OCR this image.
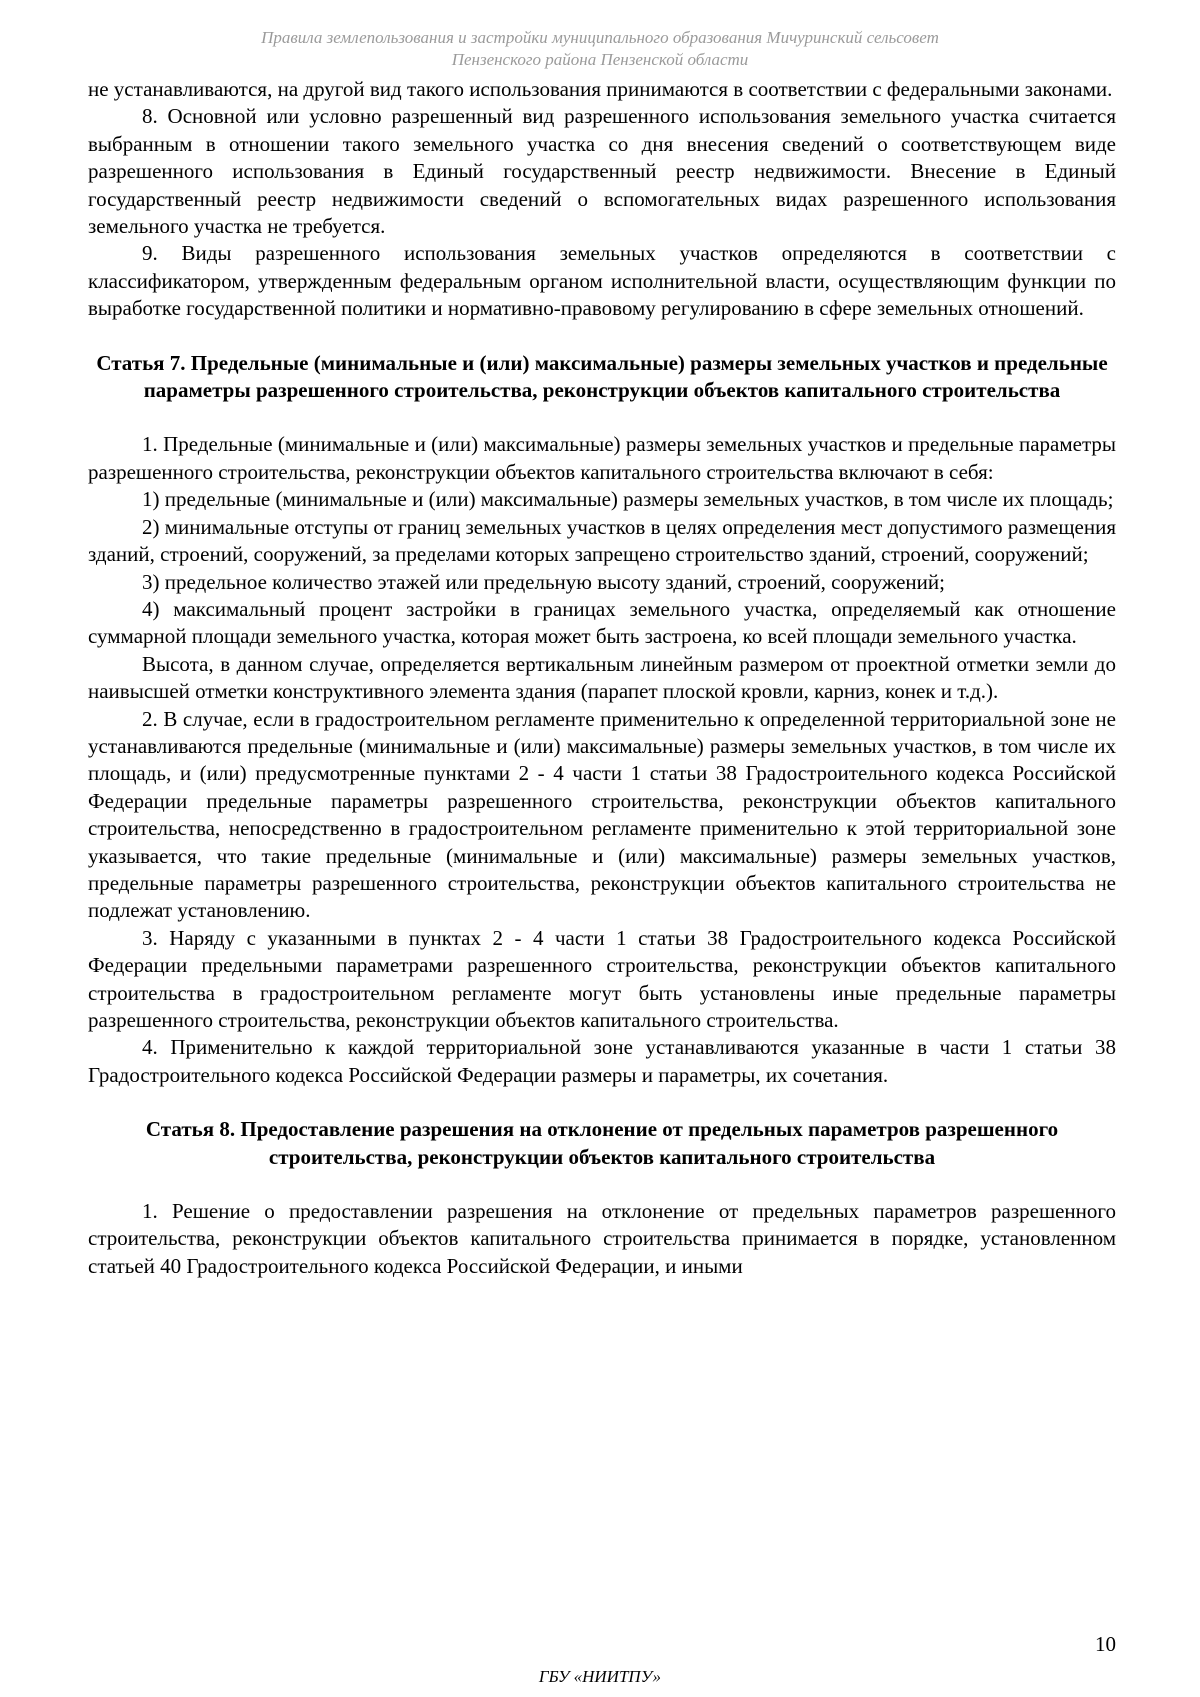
Правила землепользования и застройки муниципального образования Мичуринский сельсовет
Пензенского района Пензенской области

не устанавливаются, на другой вид такого использования принимаются в соответствии с федеральными законами.

8. Основной или условно разрешенный вид разрешенного использования земельного участка считается выбранным в отношении такого земельного участка со дня внесения сведений о соответствующем виде разрешенного использования в Единый государственный реестр недвижимости. Внесение в Единый государственный реестр недвижимости сведений о вспомогательных видах разрешенного использования земельного участка не требуется.

9. Виды разрешенного использования земельных участков определяются в соответствии с классификатором, утвержденным федеральным органом исполнительной власти, осуществляющим функции по выработке государственной политики и нормативно-правовому регулированию в сфере земельных отношений.

Статья 7. Предельные (минимальные и (или) максимальные) размеры земельных участков и предельные параметры разрешенного строительства, реконструкции объектов капитального строительства

1. Предельные (минимальные и (или) максимальные) размеры земельных участков и предельные параметры разрешенного строительства, реконструкции объектов капитального строительства включают в себя:

1) предельные (минимальные и (или) максимальные) размеры земельных участков, в том числе их площадь;

2) минимальные отступы от границ земельных участков в целях определения мест допустимого размещения зданий, строений, сооружений, за пределами которых запрещено строительство зданий, строений, сооружений;

3) предельное количество этажей или предельную высоту зданий, строений, сооружений;

4) максимальный процент застройки в границах земельного участка, определяемый как отношение суммарной площади земельного участка, которая может быть застроена, ко всей площади земельного участка.

Высота, в данном случае, определяется вертикальным линейным размером от проектной отметки земли до наивысшей отметки конструктивного элемента здания (парапет плоской кровли, карниз, конек и т.д.).

2. В случае, если в градостроительном регламенте применительно к определенной территориальной зоне не устанавливаются предельные (минимальные и (или) максимальные) размеры земельных участков, в том числе их площадь, и (или) предусмотренные пунктами 2 - 4 части 1 статьи 38 Градостроительного кодекса Российской Федерации предельные параметры разрешенного строительства, реконструкции объектов капитального строительства, непосредственно в градостроительном регламенте применительно к этой территориальной зоне указывается, что такие предельные (минимальные и (или) максимальные) размеры земельных участков, предельные параметры разрешенного строительства, реконструкции объектов капитального строительства не подлежат установлению.

3. Наряду с указанными в пунктах 2 - 4 части 1 статьи 38 Градостроительного кодекса Российской Федерации предельными параметрами разрешенного строительства, реконструкции объектов капитального строительства в градостроительном регламенте могут быть установлены иные предельные параметры разрешенного строительства, реконструкции объектов капитального строительства.

4. Применительно к каждой территориальной зоне устанавливаются указанные в части 1 статьи 38 Градостроительного кодекса Российской Федерации размеры и параметры, их сочетания.

Статья 8. Предоставление разрешения на отклонение от предельных параметров разрешенного строительства, реконструкции объектов капитального строительства

1. Решение о предоставлении разрешения на отклонение от предельных параметров разрешенного строительства, реконструкции объектов капитального строительства принимается в порядке, установленном статьей 40 Градостроительного кодекса Российской Федерации, и иными

10
ГБУ «НИИТПУ»
